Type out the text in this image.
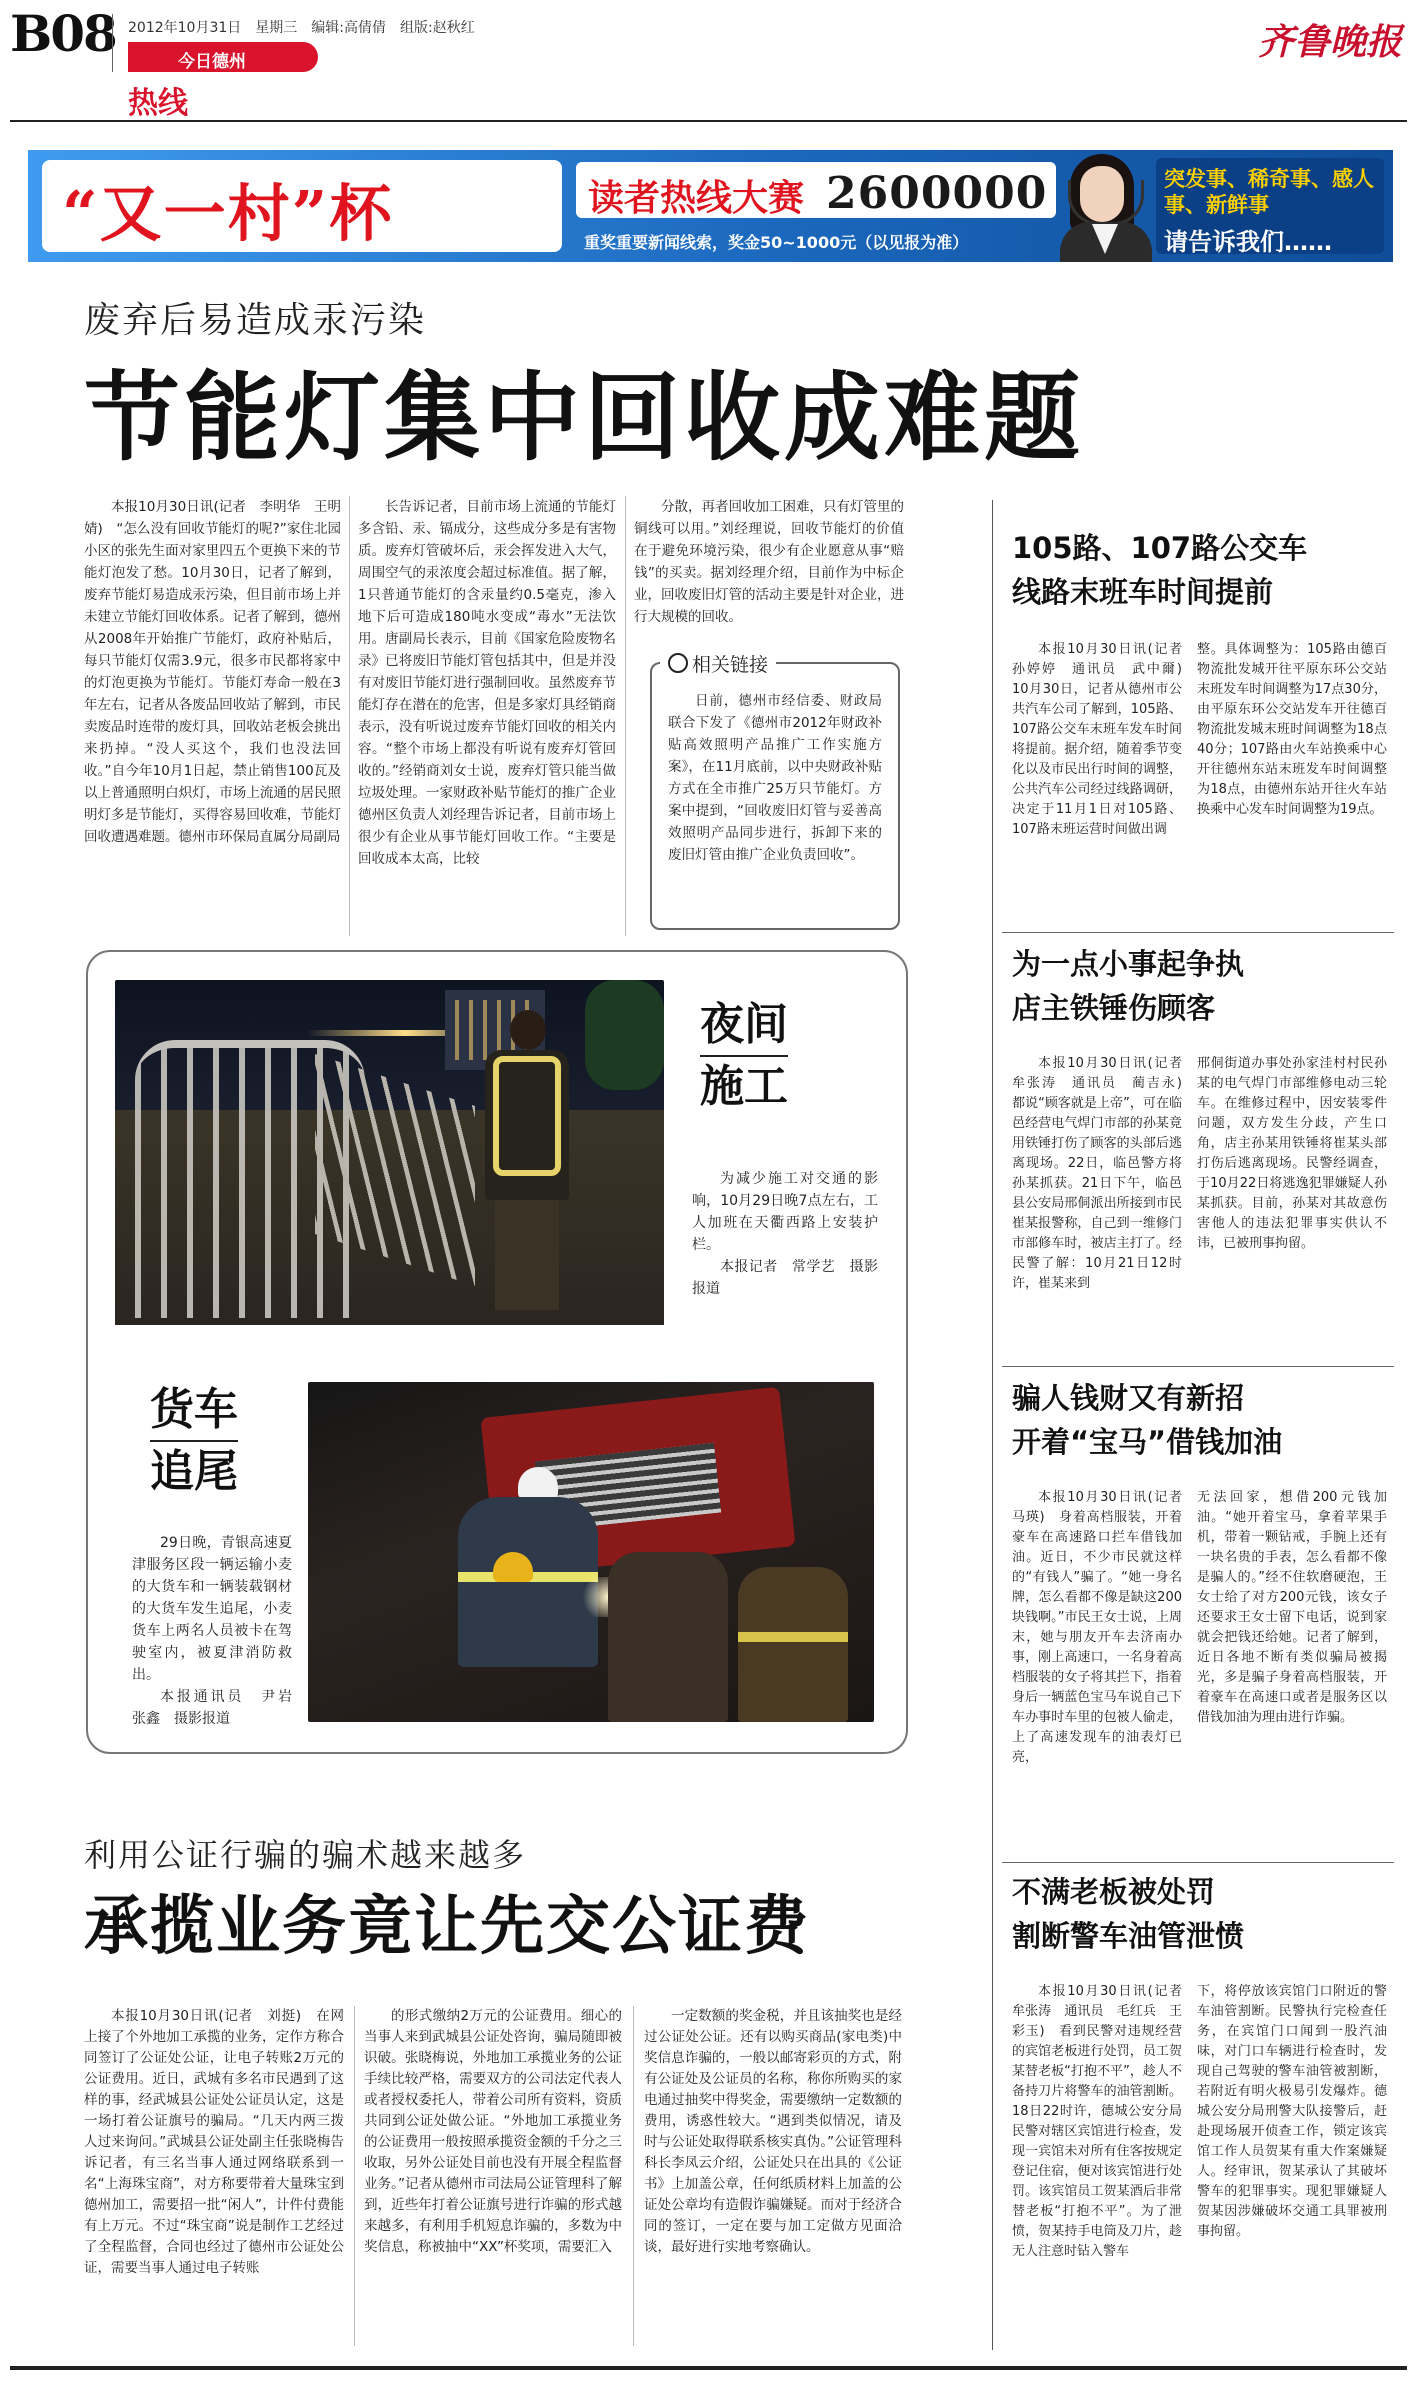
B08 2012年10月31日　星期三　编辑:高倩倩　组版:赵秋红
今日德州
热线
齐鲁晚报
“又一村”杯	读者热线大赛 2600000
重奖重要新闻线索，奖金50~1000元（以见报为准）
突发事、稀奇事、感人事、新鲜事
请告诉我们……
废弃后易造成汞污染
节能灯集中回收成难题

本报10月30日讯(记者　李明华　王明婧)　“怎么没有回收节能灯的呢?”家住北园小区的张先生面对家里四五个更换下来的节能灯泡发了愁。10月30日，记者了解到，废弃节能灯易造成汞污染，但目前市场上并未建立节能灯回收体系。记者了解到，德州从2008年开始推广节能灯，政府补贴后，每只节能灯仅需3.9元，很多市民都将家中的灯泡更换为节能灯。节能灯寿命一般在3年左右，记者从各废品回收站了解到，市民卖废品时连带的废灯具，回收站老板会挑出来扔掉。“没人买这个，我们也没法回收。”自今年10月1日起，禁止销售100瓦及以上普通照明白炽灯，市场上流通的居民照明灯多是节能灯，买得容易回收难，节能灯回收遭遇难题。德州市环保局直属分局副局

长告诉记者，目前市场上流通的节能灯多含铅、汞、镉成分，这些成分多是有害物质。废弃灯管破坏后，汞会挥发进入大气，周围空气的汞浓度会超过标准值。据了解，1只普通节能灯的含汞量约0.5毫克，渗入地下后可造成180吨水变成“毒水”无法饮用。唐副局长表示，目前《国家危险废物名录》已将废旧节能灯管包括其中，但是并没有对废旧节能灯进行强制回收。虽然废弃节能灯存在潜在的危害，但是多家灯具经销商表示，没有听说过废弃节能灯回收的相关内容。“整个市场上都没有听说有废弃灯管回收的。”经销商刘女士说，废弃灯管只能当做垃圾处理。一家财政补贴节能灯的推广企业德州区负责人刘经理告诉记者，目前市场上很少有企业从事节能灯回收工作。“主要是回收成本太高，比较

分散，再者回收加工困难，只有灯管里的铜线可以用。”刘经理说，回收节能灯的价值在于避免环境污染，很少有企业愿意从事“赔钱”的买卖。据刘经理介绍，目前作为中标企业，回收废旧灯管的活动主要是针对企业，进行大规模的回收。

相关链接

日前，德州市经信委、财政局联合下发了《德州市2012年财政补贴高效照明产品推广工作实施方案》，在11月底前，以中央财政补贴方式在全市推广25万只节能灯。方案中提到，“回收废旧灯管与妥善高效照明产品同步进行，拆卸下来的废旧灯管由推广企业负责回收”。

夜间
施工

为减少施工对交通的影响，10月29日晚7点左右，工人加班在天衢西路上安装护栏。

本报记者　常学艺　摄影报道

货车
追尾

29日晚，青银高速夏津服务区段一辆运输小麦的大货车和一辆装载钢材的大货车发生追尾，小麦货车上两名人员被卡在驾驶室内，被夏津消防救出。

本报通讯员　尹岩　张鑫　摄影报道

利用公证行骗的骗术越来越多
承揽业务竟让先交公证费

本报10月30日讯(记者　刘挺)　在网上接了个外地加工承揽的业务，定作方称合同签订了公证处公证，让电子转账2万元的公证费用。近日，武城有多名市民遇到了这样的事，经武城县公证处公证员认定，这是一场打着公证旗号的骗局。“几天内两三拨人过来询问。”武城县公证处副主任张晓梅告诉记者，有三名当事人通过网络联系到一名“上海珠宝商”，对方称要带着大量珠宝到德州加工，需要招一批“闲人”，计件付费能有上万元。不过“珠宝商”说是制作工艺经过了全程监督，合同也经过了德州市公证处公证，需要当事人通过电子转账

的形式缴纳2万元的公证费用。细心的当事人来到武城县公证处咨询，骗局随即被识破。张晓梅说，外地加工承揽业务的公证手续比较严格，需要双方的公司法定代表人或者授权委托人，带着公司所有资料，资质共同到公证处做公证。“外地加工承揽业务的公证费用一般按照承揽资金额的千分之三收取，另外公证处目前也没有开展全程监督业务。”记者从德州市司法局公证管理科了解到，近些年打着公证旗号进行诈骗的形式越来越多，有利用手机短息诈骗的，多数为中奖信息，称被抽中“XX”杯奖项，需要汇入

一定数额的奖金税，并且该抽奖也是经过公证处公证。还有以购买商品(家电类)中奖信息诈骗的，一般以邮寄彩页的方式，附有公证处及公证员的名称，称你所购买的家电通过抽奖中得奖金，需要缴纳一定数额的费用，诱惑性较大。“遇到类似情况，请及时与公证处取得联系核实真伪。”公证管理科科长李凤云介绍，公证处只在出具的《公证书》上加盖公章，任何纸质材料上加盖的公证处公章均有造假诈骗嫌疑。而对于经济合同的签订，一定在要与加工定做方见面洽谈，最好进行实地考察确认。

105路、107路公交车
线路末班车时间提前

本报10月30日讯(记者　孙婷婷　通讯员　武中爾)　10月30日，记者从德州市公共汽车公司了解到，105路、107路公交车末班车发车时间将提前。据介绍，随着季节变化以及市民出行时间的调整，公共汽车公司经过线路调研，决定于11月1日对105路、107路末班运营时间做出调

整。具体调整为：105路由德百物流批发城开往平原东环公交站末班发车时间调整为17点30分，由平原东环公交站发车开往德百物流批发城末班时间调整为18点40分；107路由火车站换乘中心开往德州东站末班发车时间调整为18点，由德州东站开往火车站换乘中心发车时间调整为19点。

为一点小事起争执
店主铁锤伤顾客

本报10月30日讯(记者　牟张涛　通讯员　蔺吉永)　都说“顾客就是上帝”，可在临邑经营电气焊门市部的孙某竟用铁锤打伤了顾客的头部后逃离现场。22日，临邑警方将孙某抓获。21日下午，临邑县公安局邢侗派出所接到市民崔某报警称，自己到一维修门市部修车时，被店主打了。经民警了解：10月21日12时许，崔某来到

邢侗街道办事处孙家洼村村民孙某的电气焊门市部维修电动三轮车。在维修过程中，因安装零件问题，双方发生分歧，产生口角，店主孙某用铁锤将崔某头部打伤后逃离现场。民警经调查，于10月22日将逃逸犯罪嫌疑人孙某抓获。目前，孙某对其故意伤害他人的违法犯罪事实供认不讳，已被刑事拘留。

骗人钱财又有新招
开着“宝马”借钱加油

本报10月30日讯(记者　马瑛)　身着高档服装，开着豪车在高速路口拦车借钱加油。近日，不少市民就这样的“有钱人”骗了。“她一身名牌，怎么看都不像是缺这200块钱啊。”市民王女士说，上周末，她与朋友开车去济南办事，刚上高速口，一名身着高档服装的女子将其拦下，指着身后一辆蓝色宝马车说自己下车办事时车里的包被人偷走，上了高速发现车的油表灯已亮，

无法回家，想借200元钱加油。“她开着宝马，拿着苹果手机，带着一颗钻戒，手腕上还有一块名贵的手表，怎么看都不像是骗人的。”经不住软磨硬泡，王女士给了对方200元钱，该女子还要求王女士留下电话，说到家就会把钱还给她。记者了解到，近日各地不断有类似骗局被揭光，多是骗子身着高档服装，开着豪车在高速口或者是服务区以借钱加油为理由进行诈骗。

不满老板被处罚
割断警车油管泄愤

本报10月30日讯(记者　牟张涛　通讯员　毛红兵　王彩玉)　看到民警对违规经营的宾馆老板进行处罚，员工贺某替老板“打抱不平”，趁人不备持刀片将警车的油管割断。18日22时许，德城公安分局民警对辖区宾馆进行检查，发现一宾馆未对所有住客按规定登记住宿，便对该宾馆进行处罚。该宾馆员工贺某酒后非常替老板“打抱不平”。为了泄愤，贺某持手电筒及刀片，趁无人注意时钻入警车

下，将停放该宾馆门口附近的警车油管割断。民警执行完检查任务，在宾馆门口闻到一股汽油味，对门口车辆进行检查时，发现自己驾驶的警车油管被割断，若附近有明火极易引发爆炸。德城公安分局刑警大队接警后，赶赴现场展开侦查工作，锁定该宾馆工作人员贺某有重大作案嫌疑人。经审讯，贺某承认了其破坏警车的犯罪事实。现犯罪嫌疑人贺某因涉嫌破坏交通工具罪被刑事拘留。
